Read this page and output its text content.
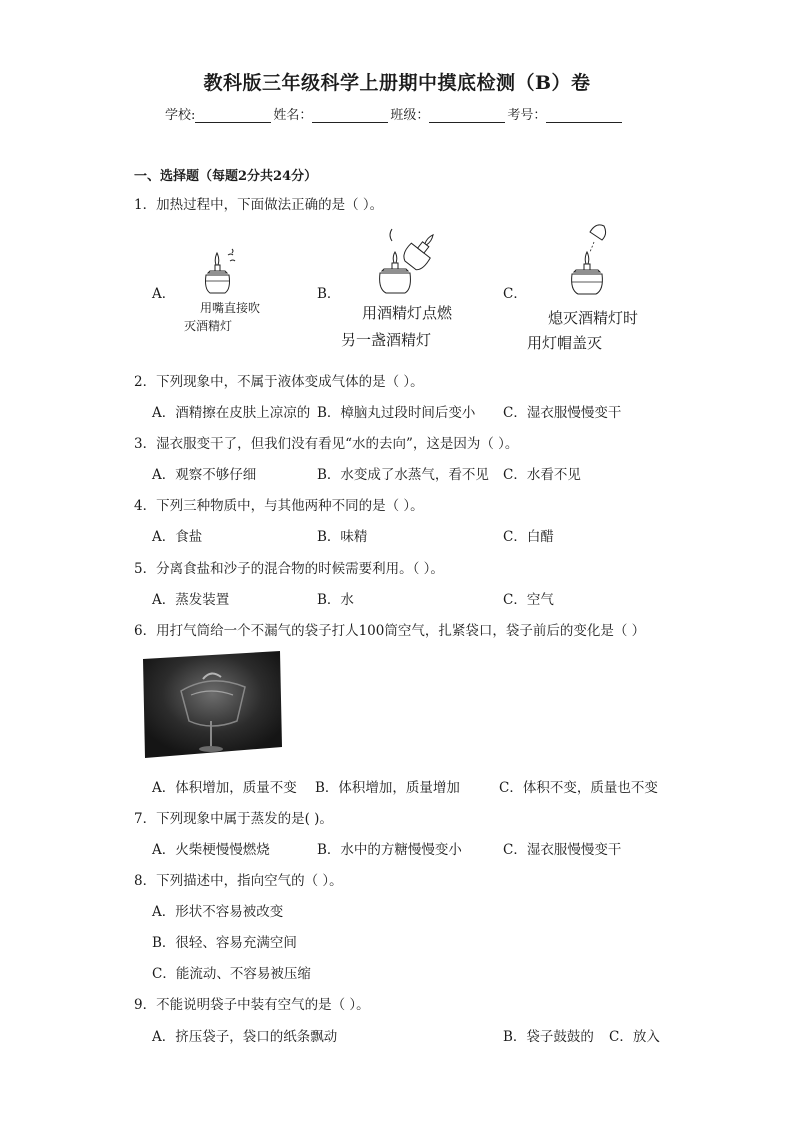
教科版三年级科学上册期中摸底检测（B）卷
学校:	姓名：	班级：	考号：
一、选择题（每题2分共24分）
1．加热过程中，下面做法正确的是（ ）。
A．
用嘴直接吹
灭酒精灯
B．
用酒精灯点燃
另一盏酒精灯
C．
熄灭酒精灯时
用灯帽盖灭
2．下列现象中，不属于液体变成气体的是（ ）。
A．酒精擦在皮肤上凉凉的 B．樟脑丸过段时间后变小 C．湿衣服慢慢变干
3．湿衣服变干了，但我们没有看见“水的去向”，这是因为（ ）。
A．观察不够仔细	B．水变成了水蒸气，看不见 C．水看不见
4．下列三种物质中，与其他两种不同的是（ ）。
A．食盐	B．味精	C．白醋
5．分离食盐和沙子的混合物的时候需要利用。（ ）。
A．蒸发装置	B．水	C．空气
6．用打气筒给一个不漏气的袋子打人100筒空气，扎紧袋口，袋子前后的变化是（ ）
A．体积增加，质量不变 B．体积增加，质量增加	C．体积不变，质量也不变
7．下列现象中属于蒸发的是( )。
A．火柴梗慢慢燃烧	B．水中的方糖慢慢变小	C．湿衣服慢慢变干
8．下列描述中，指向空气的（ ）。
A．形状不容易被改变
B．很轻、容易充满空间
C．能流动、不容易被压缩
9．不能说明袋子中装有空气的是（ ）。
A．挤压袋子，袋口的纸条飘动	B．袋子鼓鼓的 C．放入
